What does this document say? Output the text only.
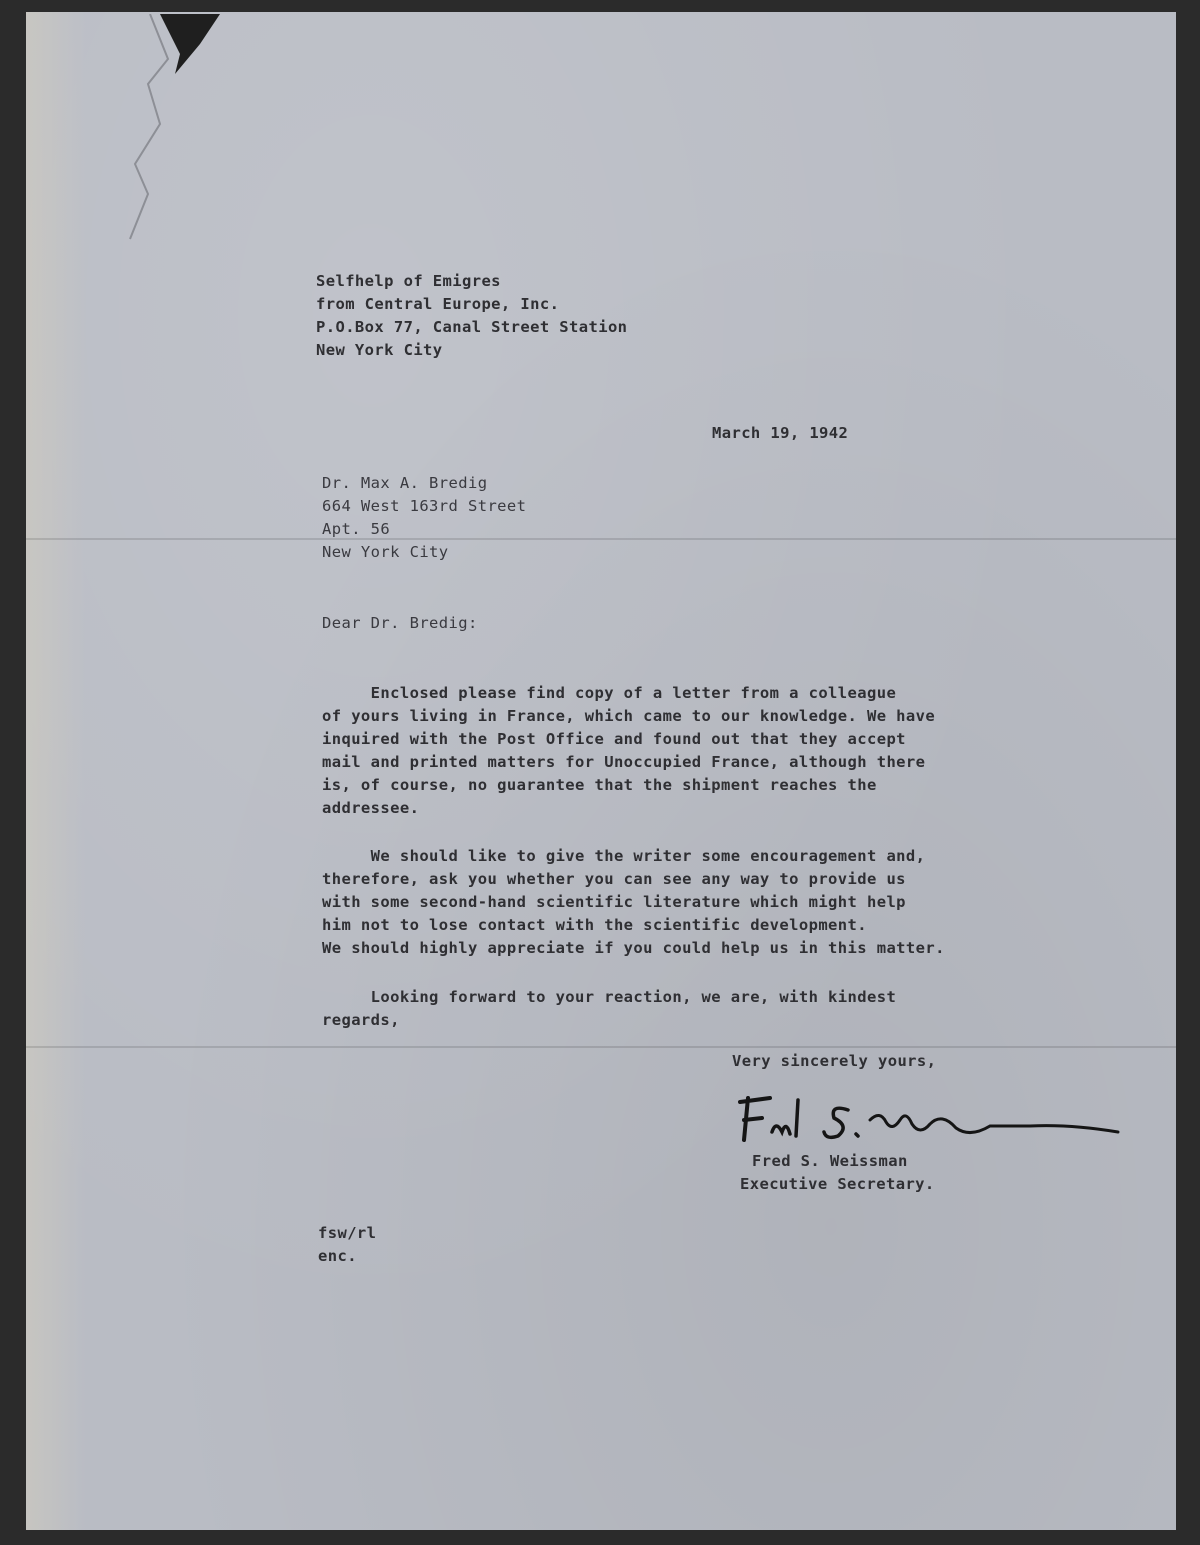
Selfhelp of Emigres
from Central Europe, Inc.
P.O.Box 77, Canal Street Station
New York City
March 19, 1942
Dr. Max A. Bredig
664 West 163rd Street
Apt. 56
New York City
Dear Dr. Bredig:
Enclosed please find copy of a letter from a colleague
of yours living in France, which came to our knowledge. We have
inquired with the Post Office and found out that they accept
mail and printed matters for Unoccupied France, although there
is, of course, no guarantee that the shipment reaches the
addressee.
We should like to give the writer some encouragement and,
therefore, ask you whether you can see any way to provide us
with some second-hand scientific literature which might help
him not to lose contact with the scientific development.
We should highly appreciate if you could help us in this matter.
Looking forward to your reaction, we are, with kindest
regards,
Very sincerely yours,
Fred S. Weissman
Executive Secretary.
fsw/rl
enc.
